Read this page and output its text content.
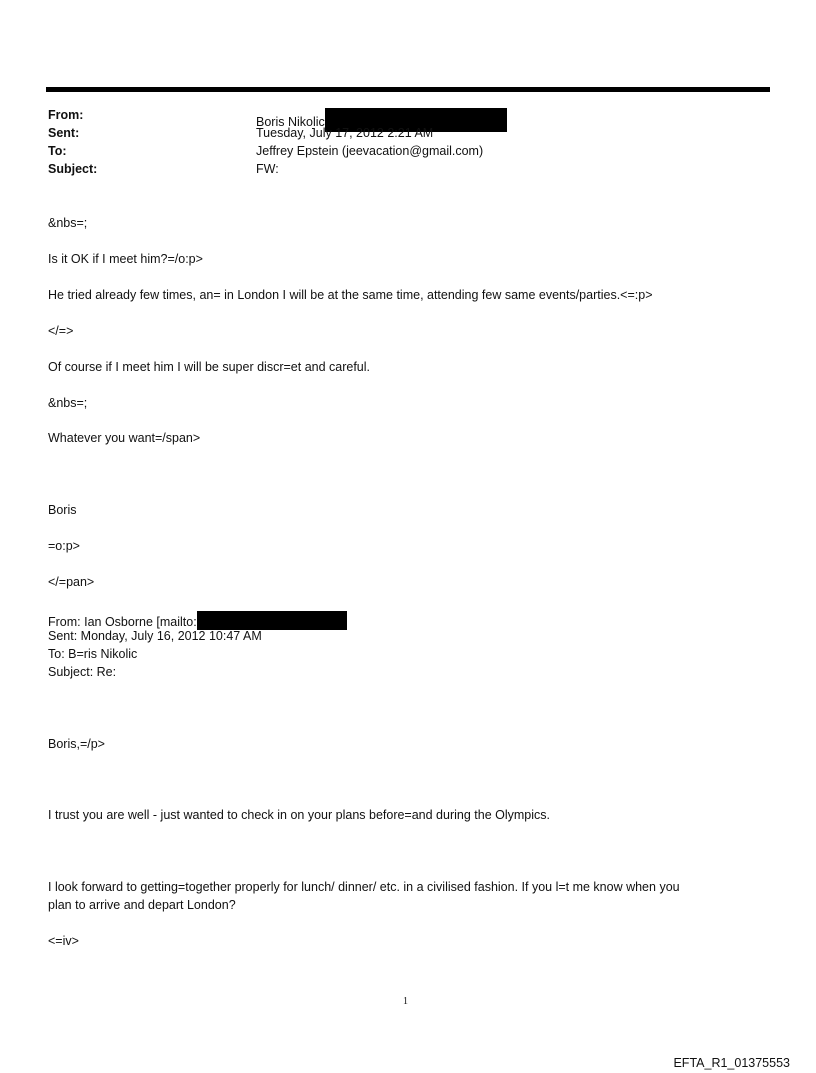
From:	Boris Nikolic
Sent:	Tuesday, July 17, 2012 2:21 AM
To:	Jeffrey Epstein (jeevacation@gmail.com)
Subject:	FW:
&nbs=;
Is it OK if I meet him?=/o:p>
He tried already few times, an= in London I will be at the same time, attending few same events/parties.<=:p>
</=>
Of course if I meet him I will be super discr=et and careful.
&nbs=;
Whatever you want=/span>
Boris
=o:p>
</=pan>
From: Ian Osborne [mailto:
Sent: Monday, July 16, 2012 10:47 AM
To: B=ris Nikolic
Subject: Re:
Boris,=/p>
I trust you are well - just wanted to check in on your plans before=and during the Olympics.
I look forward to getting=together properly for lunch/ dinner/ etc. in a civilised fashion. If you l=t me know when you
plan to arrive and depart London?
<=iv>
1
EFTA_R1_01375553
